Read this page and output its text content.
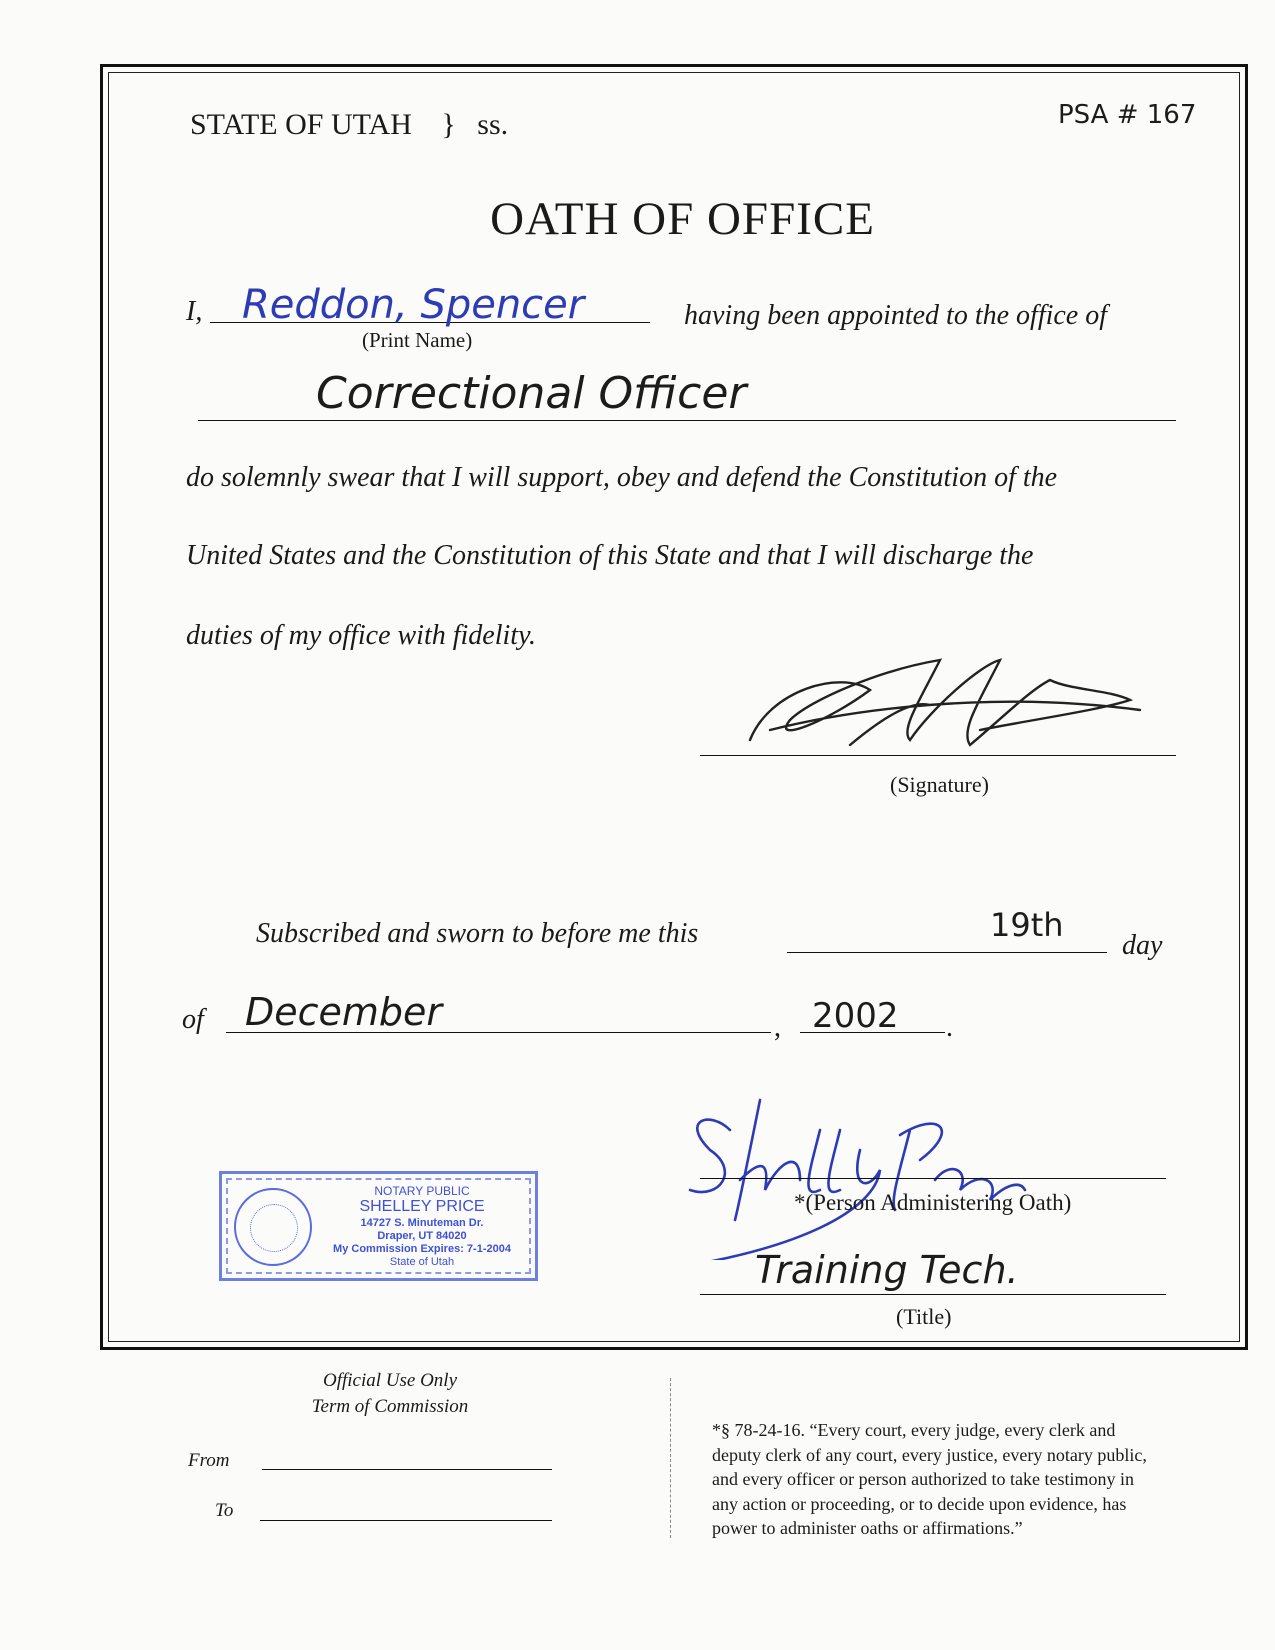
STATE OF UTAH } ss.	PSA # 167
OATH OF OFFICE
I, Reddon, Spencer
(Print Name)
having been appointed to the office of
Correctional Officer
do solemnly swear that I will support, obey and defend the Constitution of the
United States and the Constitution of this State and that I will discharge the
duties of my office with fidelity.
(Signature)
Subscribed and sworn to before me this	19th
day
of December	, 2002 .
*(Person Administering Oath)
Training Tech.
(Title)
NOTARY PUBLIC
SHELLEY PRICE
14727 S. Minuteman Dr.
Draper, UT 84020
My Commission Expires: 7-1-2004
State of Utah
Official Use Only
Term of Commission
From
To
*§ 78-24-16. “Every court, every judge, every clerk and
deputy clerk of any court, every justice, every notary public,
and every officer or person authorized to take testimony in
any action or proceeding, or to decide upon evidence, has
power to administer oaths or affirmations.”
